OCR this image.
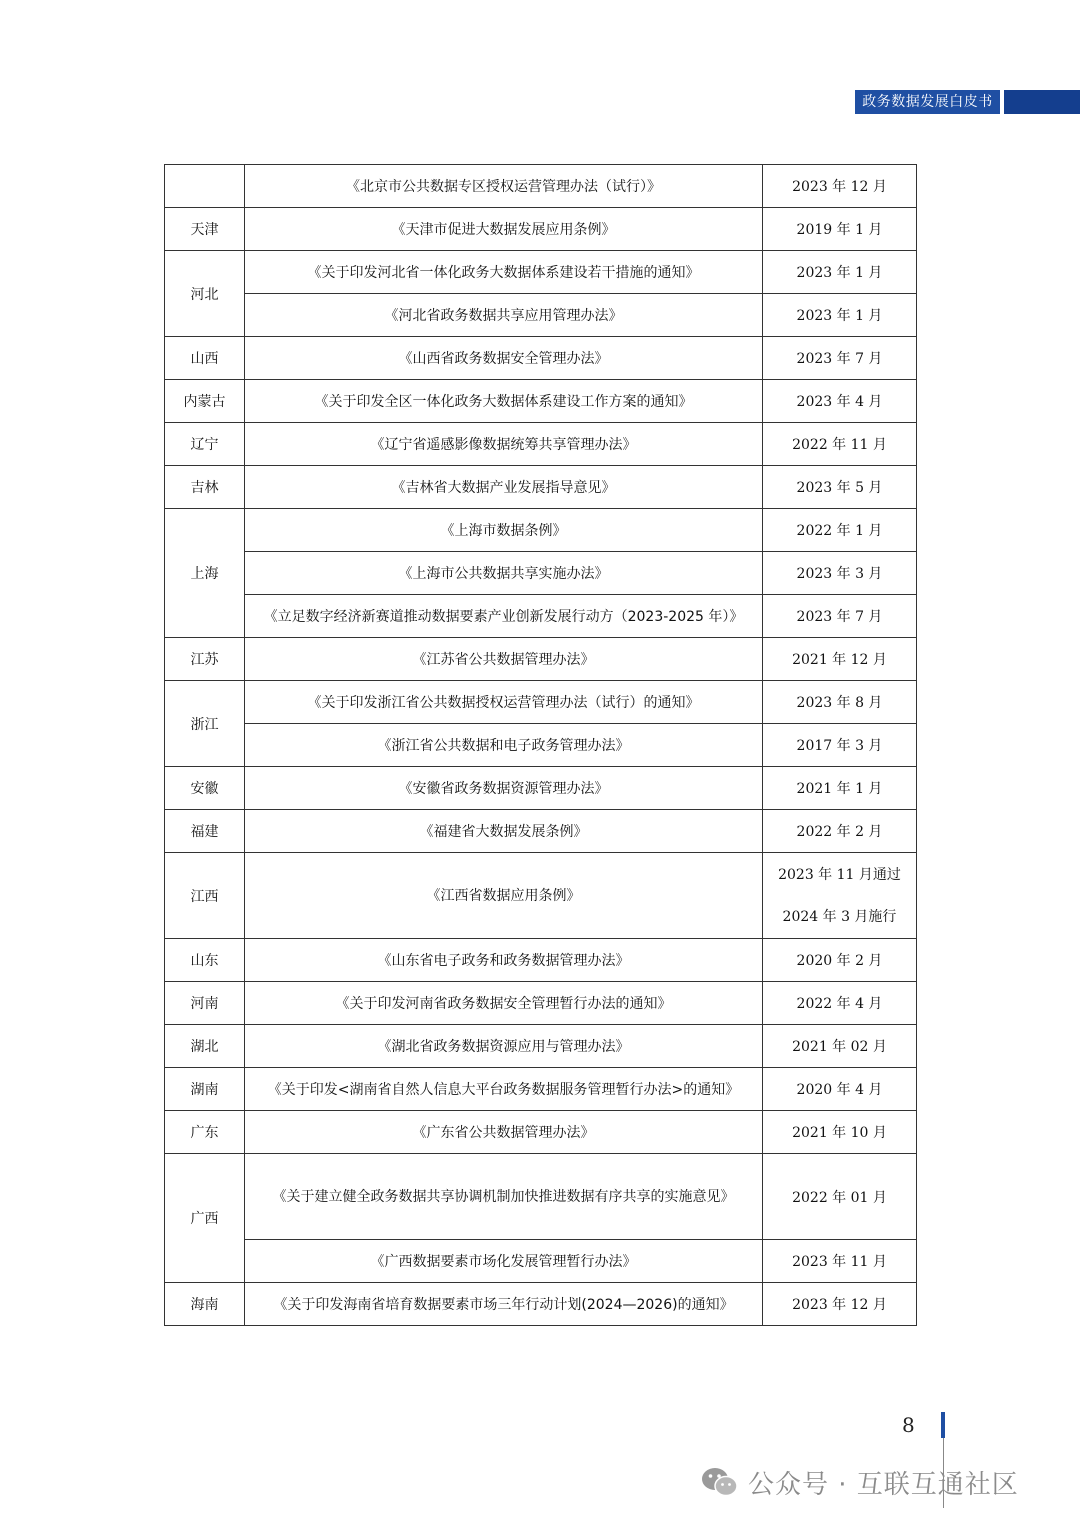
政务数据发展白皮书
	《北京市公共数据专区授权运营管理办法（试行）》	2023 年 12 月
天津	《天津市促进大数据发展应用条例》	2019 年 1 月
河北	《关于印发河北省一体化政务大数据体系建设若干措施的通知》	2023 年 1 月
	《河北省政务数据共享应用管理办法》	2023 年 1 月
山西	《山西省政务数据安全管理办法》	2023 年 7 月
内蒙古	《关于印发全区一体化政务大数据体系建设工作方案的通知》	2023 年 4 月
辽宁	《辽宁省遥感影像数据统筹共享管理办法》	2022 年 11 月
吉林	《吉林省大数据产业发展指导意见》	2023 年 5 月
上海	《上海市数据条例》	2022 年 1 月
	《上海市公共数据共享实施办法》	2023 年 3 月
	《立足数字经济新赛道推动数据要素产业创新发展行动方（2023-2025 年）》	2023 年 7 月
江苏	《江苏省公共数据管理办法》	2021 年 12 月
浙江	《关于印发浙江省公共数据授权运营管理办法（试行）的通知》	2023 年 8 月
	《浙江省公共数据和电子政务管理办法》	2017 年 3 月
安徽	《安徽省政务数据资源管理办法》	2021 年 1 月
福建	《福建省大数据发展条例》	2022 年 2 月
江西	《江西省数据应用条例》	2023 年 11 月通过
2024 年 3 月施行

山东	《山东省电子政务和政务数据管理办法》	2020 年 2 月
河南	《关于印发河南省政务数据安全管理暂行办法的通知》	2022 年 4 月
湖北	《湖北省政务数据资源应用与管理办法》	2021 年 02 月
湖南	《关于印发<湖南省自然人信息大平台政务数据服务管理暂行办法>的通知》	2020 年 4 月
广东	《广东省公共数据管理办法》	2021 年 10 月
广西	《关于建立健全政务数据共享协调机制加快推进数据有序共享的实施意见》	2022 年 01 月
	《广西数据要素市场化发展管理暂行办法》	2023 年 11 月
海南	《关于印发海南省培育数据要素市场三年行动计划(2024—2026)的通知》	2023 年 12 月
8
公众号 · 互联互通社区
